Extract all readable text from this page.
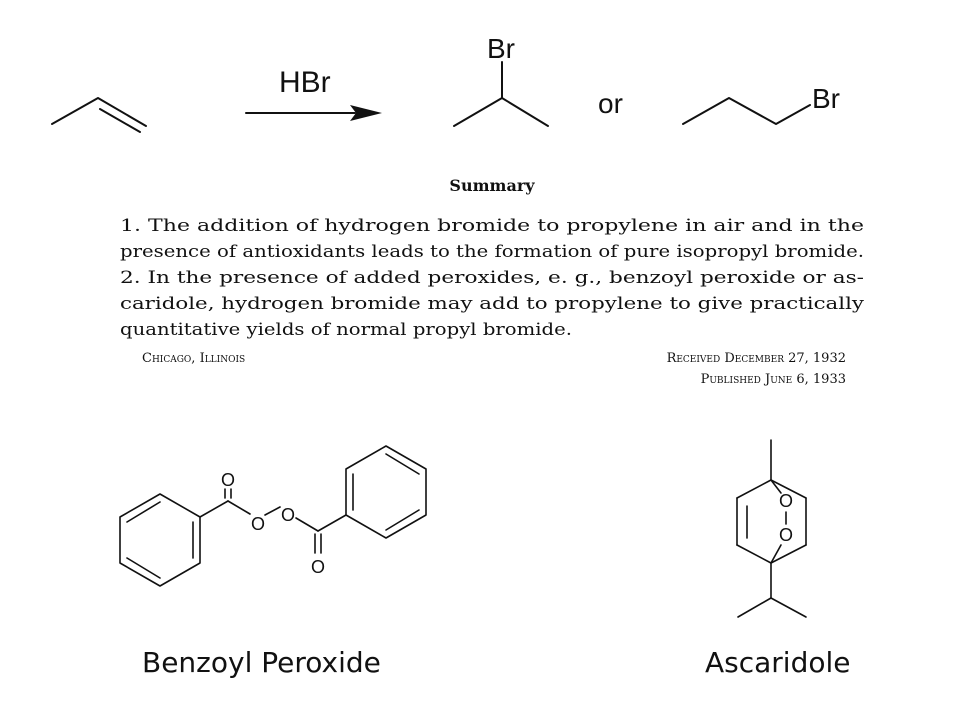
HBr
Br
or	Br
Summary
1. The addition of hydrogen bromide to propylene in air and in the
presence of antioxidants leads to the formation of pure isopropyl bromide.
2. In the presence of added peroxides, e. g., benzoyl peroxide or as-
caridole, hydrogen bromide may add to propylene to give practically
quantitative yields of normal propyl bromide.
Chicago, Illinois	Received December 27, 1932
Published June 6, 1933
O
O O
O
O
O
Benzoyl Peroxide	Ascaridole
